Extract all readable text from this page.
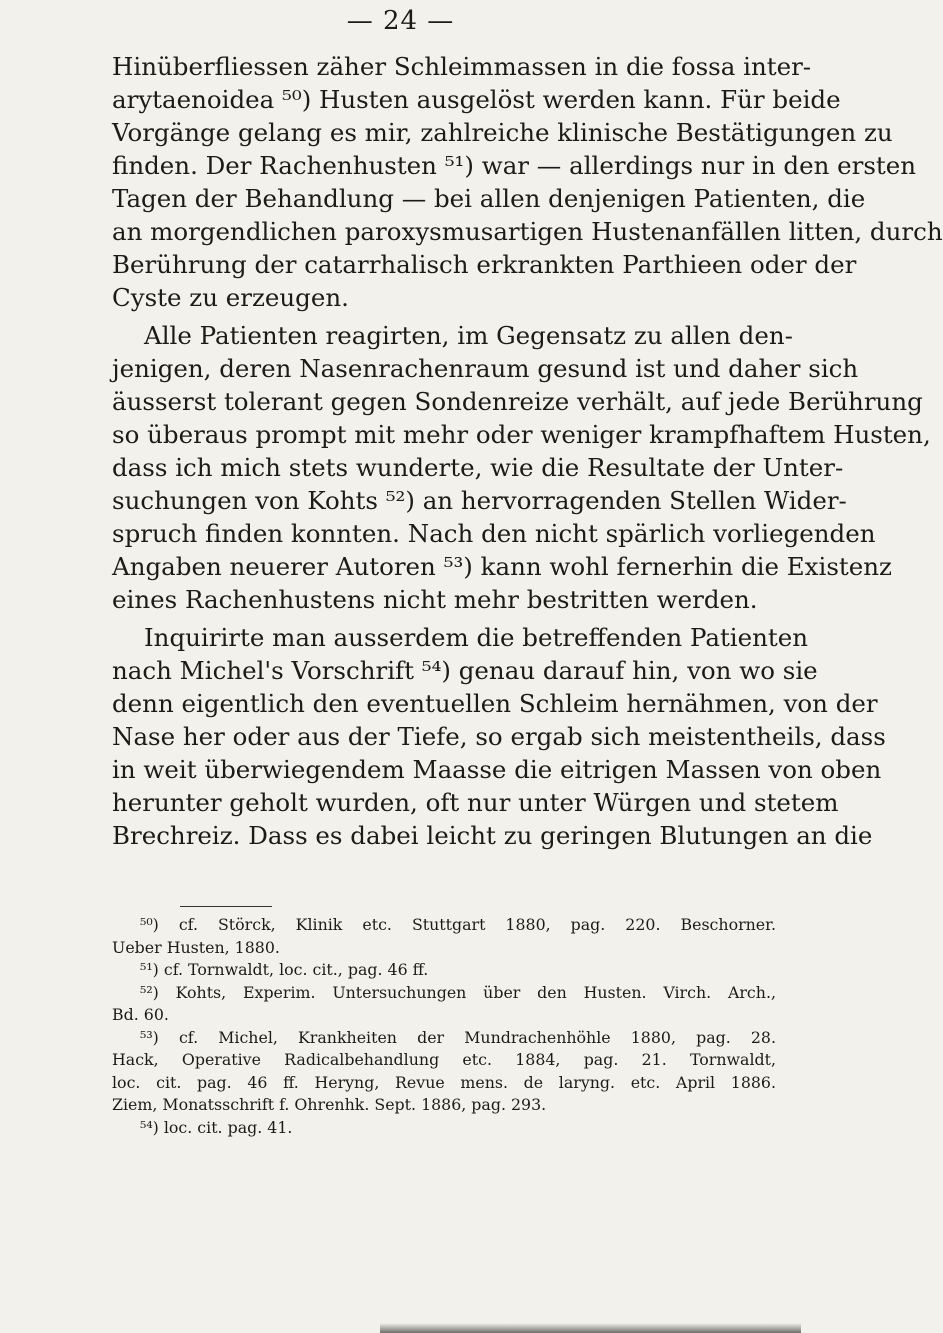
— 24 —
Hinüberfliessen zäher Schleimmassen in die fossa inter-
arytaenoidea ⁵⁰) Husten ausgelöst werden kann. Für beide
Vorgänge gelang es mir, zahlreiche klinische Bestätigungen zu
finden. Der Rachenhusten ⁵¹) war — allerdings nur in den ersten
Tagen der Behandlung — bei allen denjenigen Patienten, die
an morgendlichen paroxysmusartigen Hustenanfällen litten, durch
Berührung der catarrhalisch erkrankten Parthieen oder der
Cyste zu erzeugen.
Alle Patienten reagirten, im Gegensatz zu allen den-
jenigen, deren Nasenrachenraum gesund ist und daher sich
äusserst tolerant gegen Sondenreize verhält, auf jede Berührung
so überaus prompt mit mehr oder weniger krampfhaftem Husten,
dass ich mich stets wunderte, wie die Resultate der Unter-
suchungen von Kohts ⁵²) an hervorragenden Stellen Wider-
spruch finden konnten. Nach den nicht spärlich vorliegenden
Angaben neuerer Autoren ⁵³) kann wohl fernerhin die Existenz
eines Rachenhustens nicht mehr bestritten werden.
Inquirirte man ausserdem die betreffenden Patienten
nach Michel's Vorschrift ⁵⁴) genau darauf hin, von wo sie
denn eigentlich den eventuellen Schleim hernähmen, von der
Nase her oder aus der Tiefe, so ergab sich meistentheils, dass
in weit überwiegendem Maasse die eitrigen Massen von oben
herunter geholt wurden, oft nur unter Würgen und stetem
Brechreiz. Dass es dabei leicht zu geringen Blutungen an die
⁵⁰) cf. Störck, Klinik etc. Stuttgart 1880, pag. 220. Beschorner.
Ueber Husten, 1880.
⁵¹) cf. Tornwaldt, loc. cit., pag. 46 ff.
⁵²) Kohts, Experim. Untersuchungen über den Husten. Virch. Arch.,
Bd. 60.
⁵³) cf. Michel, Krankheiten der Mundrachenhöhle 1880, pag. 28.
Hack, Operative Radicalbehandlung etc. 1884, pag. 21. Tornwaldt,
loc. cit. pag. 46 ff. Heryng, Revue mens. de laryng. etc. April 1886.
Ziem, Monatsschrift f. Ohrenhk. Sept. 1886, pag. 293.
⁵⁴) loc. cit. pag. 41.
